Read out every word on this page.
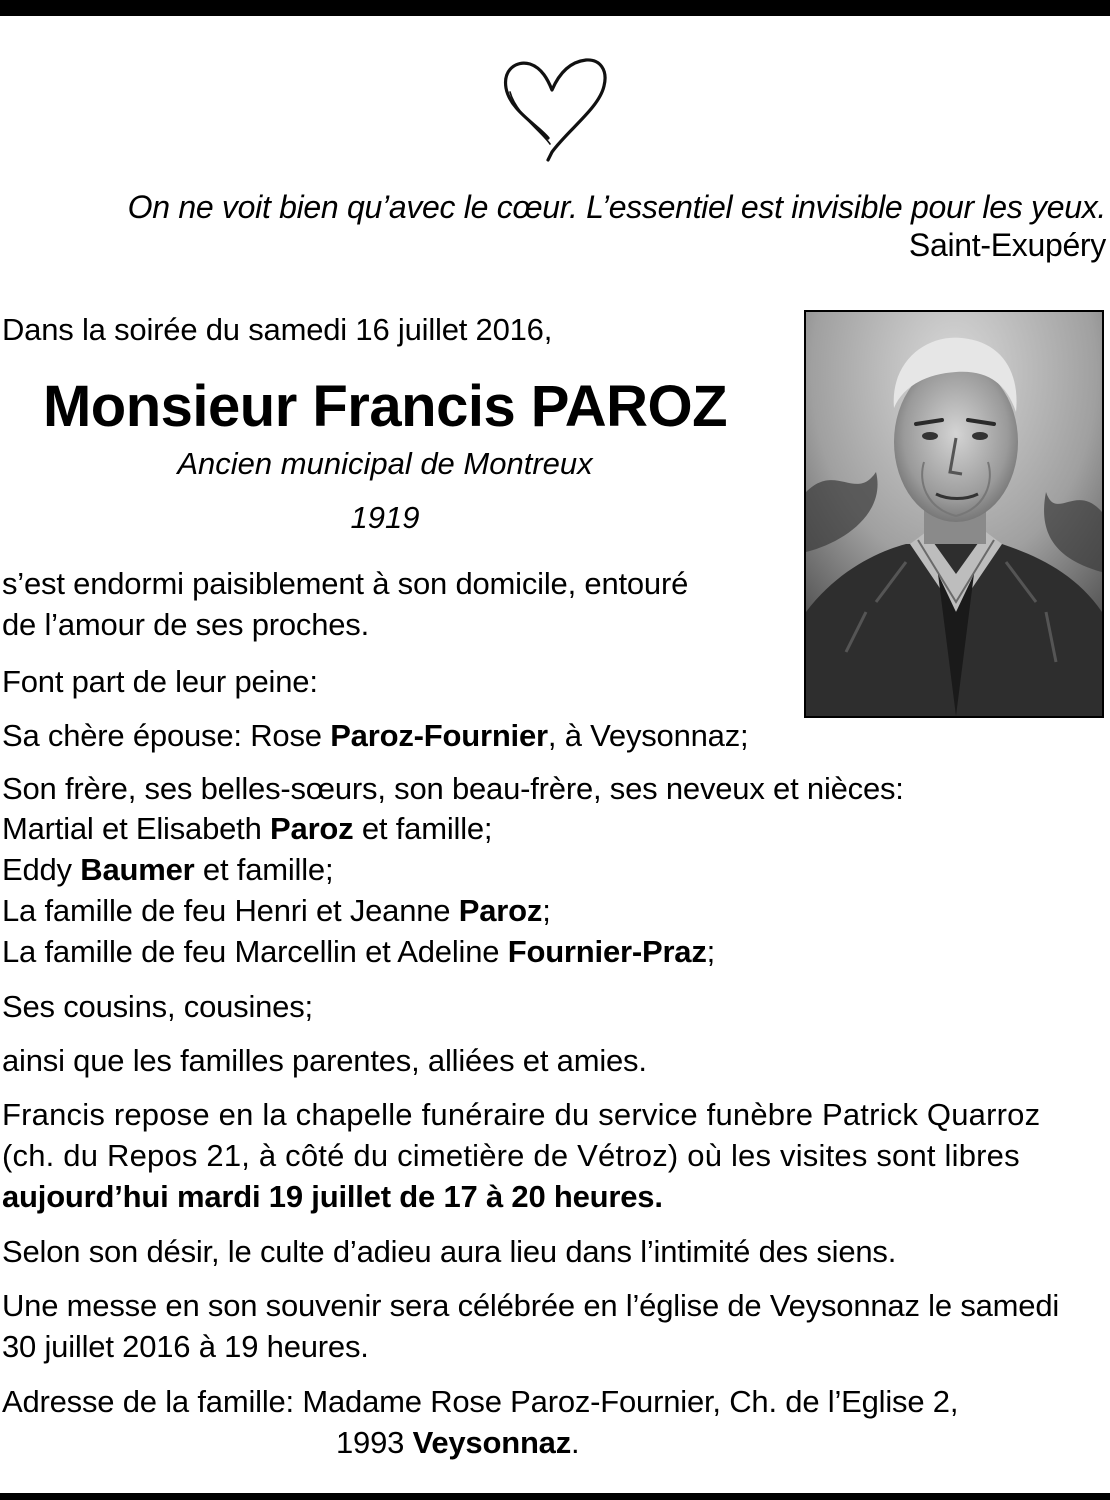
On ne voit bien qu’avec le cœur. L’essentiel est invisible pour les yeux.
Saint-Exupéry
Dans la soirée du samedi 16 juillet 2016,
Monsieur Francis PAROZ
Ancien municipal de Montreux
1919
s’est endormi paisiblement à son domicile, entouré
de l’amour de ses proches.
Font part de leur peine:
Sa chère épouse: Rose Paroz-Fournier, à Veysonnaz;
Son frère, ses belles-sœurs, son beau-frère, ses neveux et nièces:
Martial et Elisabeth Paroz et famille;
Eddy Baumer et famille;
La famille de feu Henri et Jeanne Paroz;
La famille de feu Marcellin et Adeline Fournier-Praz;
Ses cousins, cousines;
ainsi que les familles parentes, alliées et amies.
Francis repose en la chapelle funéraire du service funèbre Patrick Quarroz
(ch. du Repos 21, à côté du cimetière de Vétroz) où les visites sont libres
aujourd’hui mardi 19 juillet de 17 à 20 heures.
Selon son désir, le culte d’adieu aura lieu dans l’intimité des siens.
Une messe en son souvenir sera célébrée en l’église de Veysonnaz le samedi
30 juillet 2016 à 19 heures.
Adresse de la famille: Madame Rose Paroz-Fournier, Ch. de l’Eglise 2,
1993 Veysonnaz.
